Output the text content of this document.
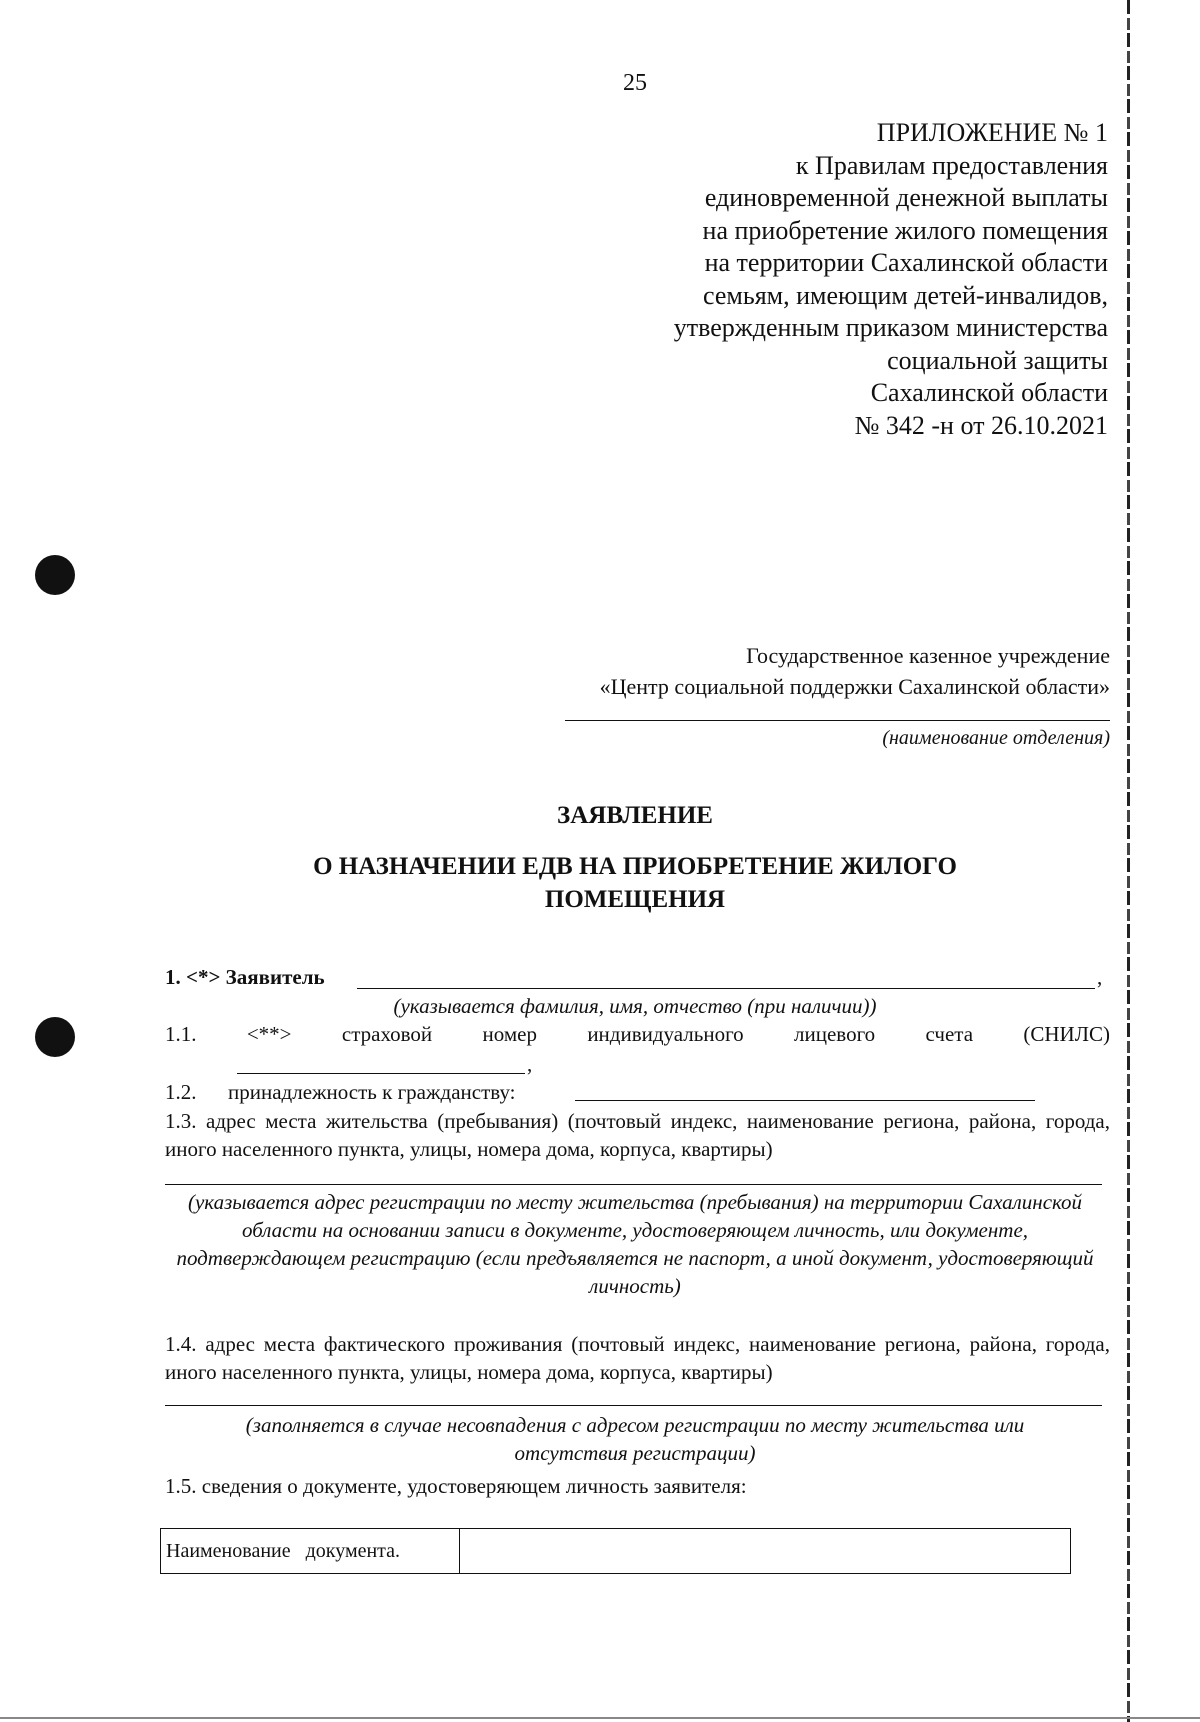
25
ПРИЛОЖЕНИЕ № 1
к Правилам предоставления
единовременной денежной выплаты
на приобретение жилого помещения
на территории Сахалинской области
семьям, имеющим детей-инвалидов,
утвержденным приказом министерства
социальной защиты
Сахалинской области
№ 342 -н от 26.10.2021
Государственное казенное учреждение
«Центр социальной поддержки Сахалинской области»
(наименование отделения)
ЗАЯВЛЕНИЕ
О НАЗНАЧЕНИИ ЕДВ НА ПРИОБРЕТЕНИЕ ЖИЛОГО
ПОМЕЩЕНИЯ
1. <*> Заявитель	,
(указывается фамилия, имя, отчество (при наличии))
1.1. <**> страховой номер индивидуального лицевого счета (СНИЛС)
,
1.2.      принадлежность к гражданству:
1.3. адрес места жительства (пребывания) (почтовый индекс, наименование региона, района, города, иного населенного пункта, улицы, номера дома, корпуса, квартиры)
(указывается адрес регистрации по месту жительства (пребывания) на территории Сахалинской области на основании записи в документе, удостоверяющем личность, или документе, подтверждающем регистрацию (если предъявляется не паспорт, а иной документ, удостоверяющий личность)
1.4. адрес места фактического проживания (почтовый индекс, наименование региона, района, города, иного населенного пункта, улицы, номера дома, корпуса, квартиры)
(заполняется в случае несовпадения с адресом регистрации по месту жительства или отсутствия регистрации)
1.5. сведения о документе, удостоверяющем личность заявителя:
Наименование   документа.	
